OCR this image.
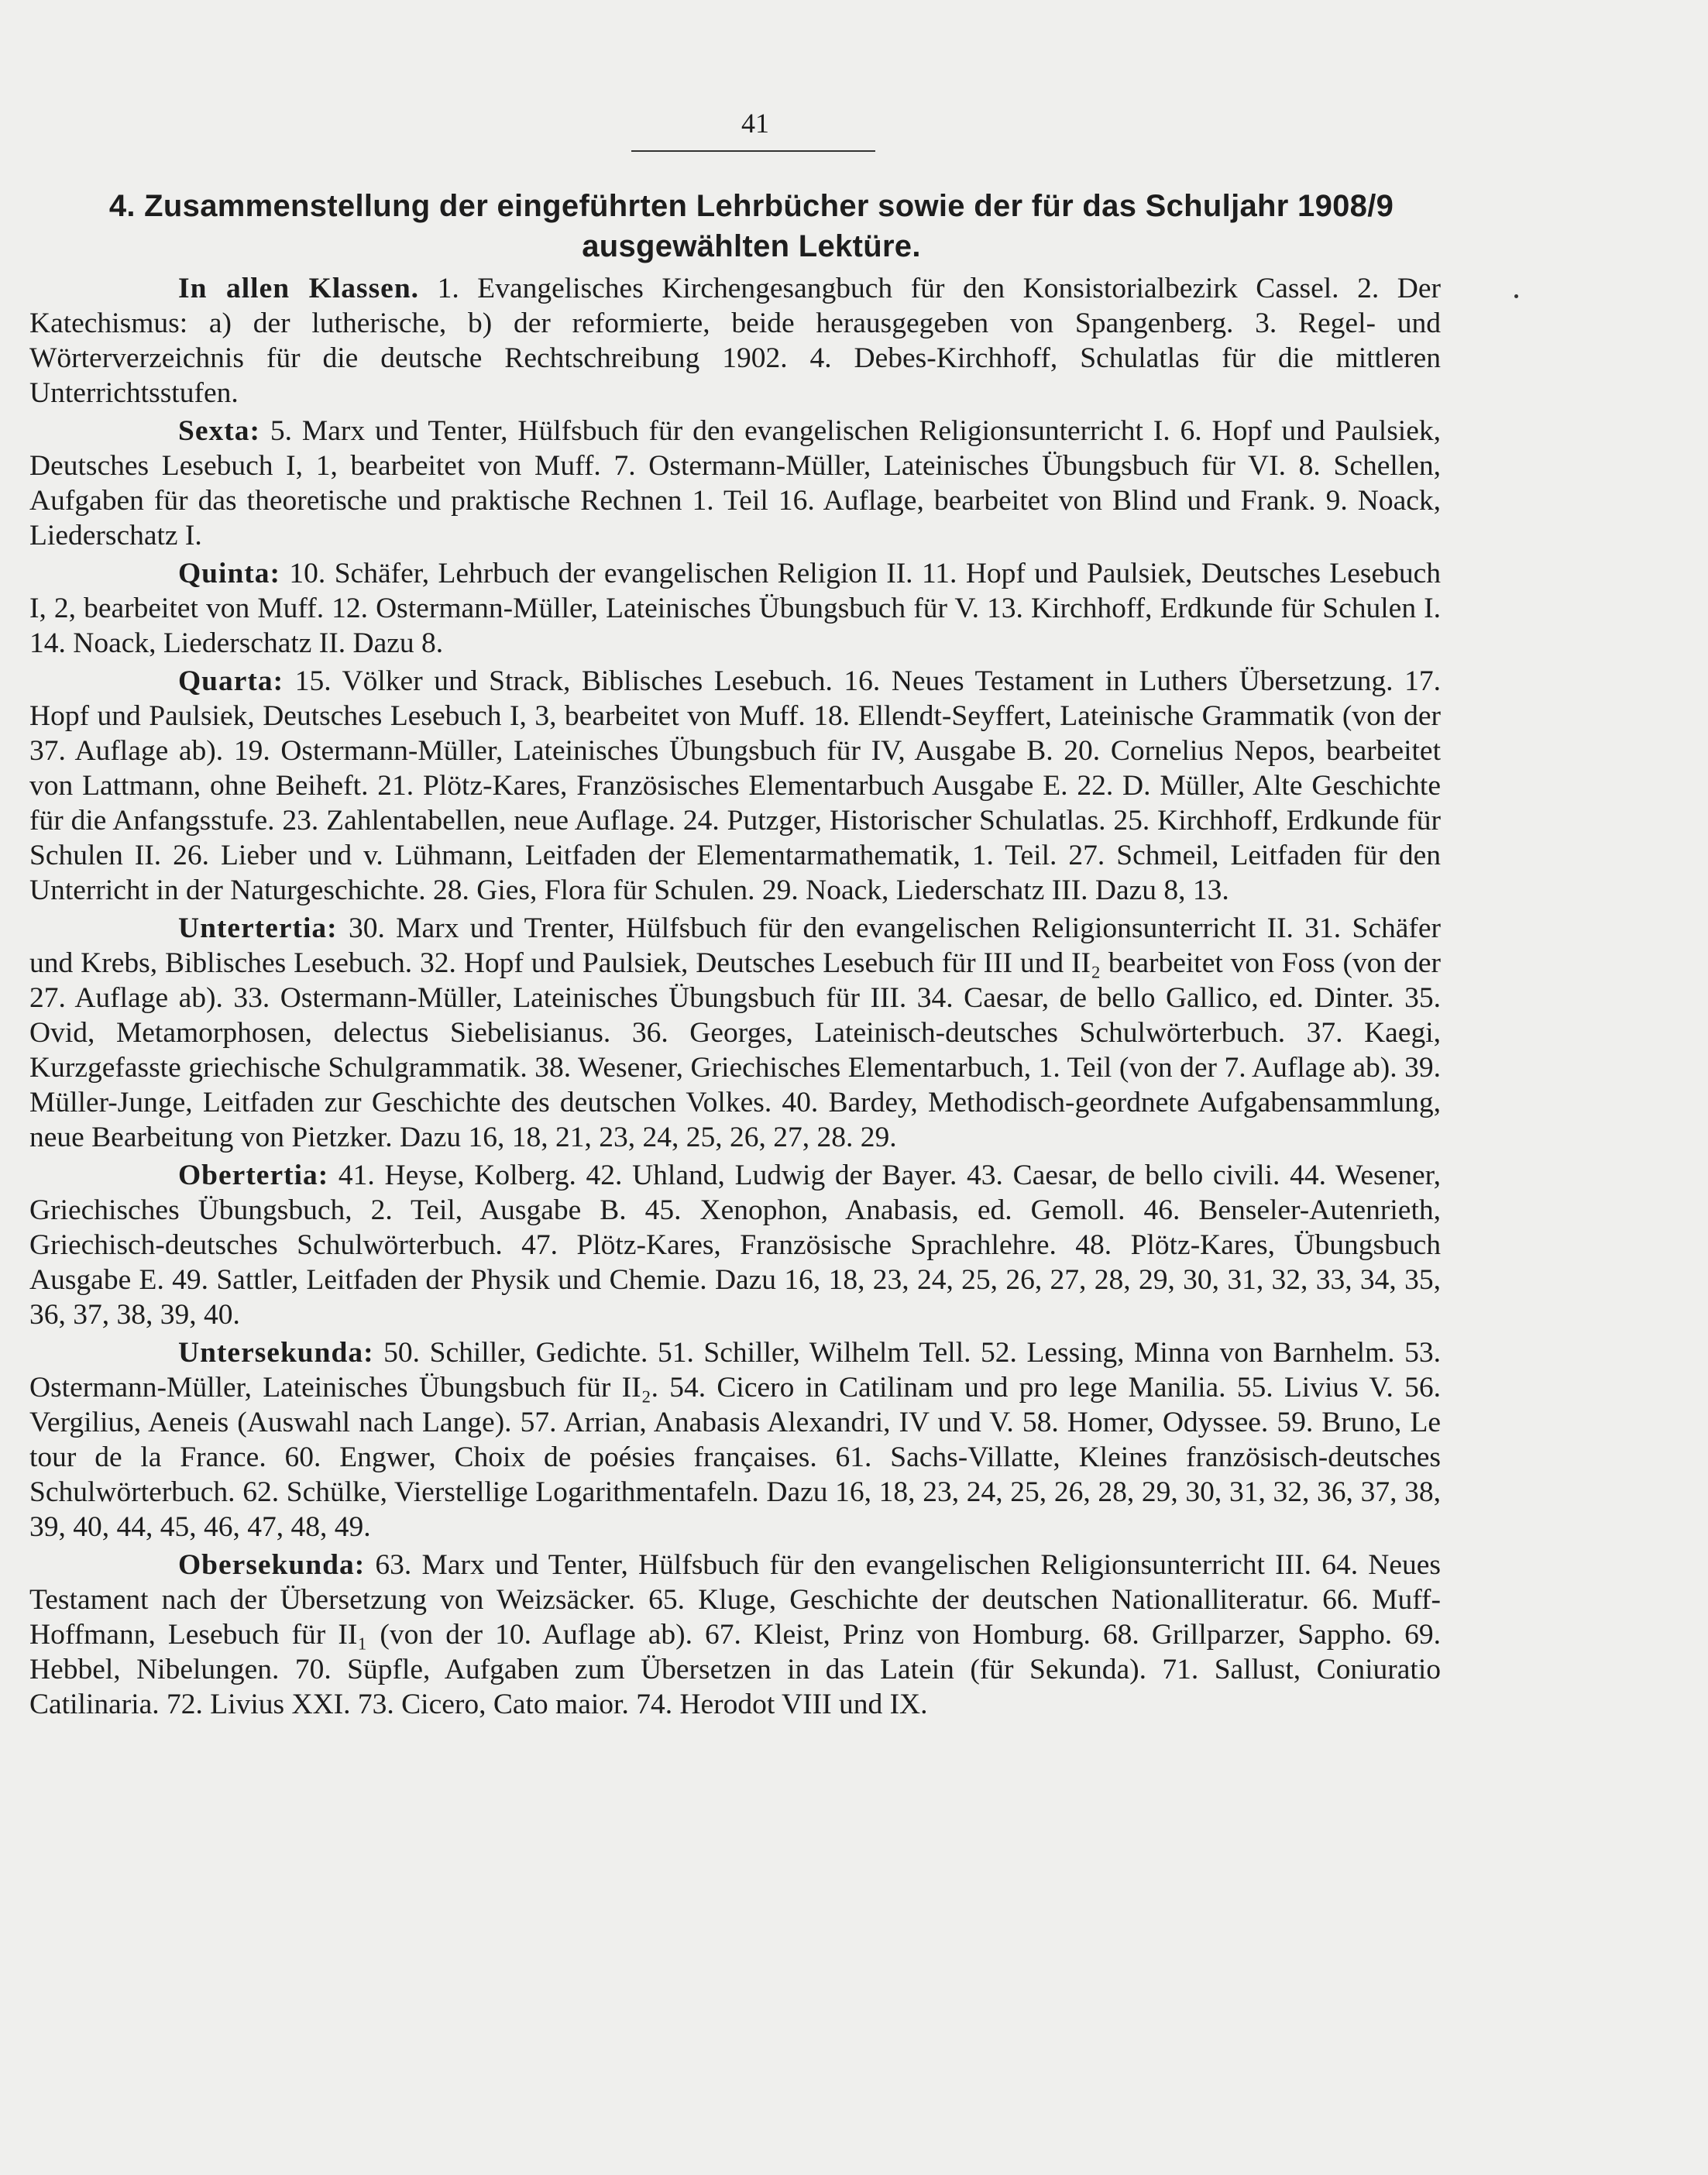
41
4. Zusammenstellung der eingeführten Lehrbücher sowie der für das Schuljahr 1908/9
ausgewählten Lektüre.

In allen Klassen. 1. Evangelisches Kirchengesangbuch für den Konsistorialbezirk Cassel. 2. Der Katechismus: a) der lutherische, b) der reformierte, beide herausgegeben von Spangenberg. 3. Regel- und Wörterverzeichnis für die deutsche Rechtschreibung 1902. 4. Debes-Kirchhoff, Schulatlas für die mittleren Unterrichtsstufen.

Sexta: 5. Marx und Tenter, Hülfsbuch für den evangelischen Religionsunterricht I. 6. Hopf und Paulsiek, Deutsches Lesebuch I, 1, bearbeitet von Muff. 7. Ostermann-Müller, Lateinisches Übungsbuch für VI. 8. Schellen, Aufgaben für das theoretische und praktische Rechnen 1. Teil 16. Auflage, bearbeitet von Blind und Frank. 9. Noack, Liederschatz I.

Quinta: 10. Schäfer, Lehrbuch der evangelischen Religion II. 11. Hopf und Paulsiek, Deutsches Lesebuch I, 2, bearbeitet von Muff. 12. Ostermann-Müller, Lateinisches Übungsbuch für V. 13. Kirchhoff, Erdkunde für Schulen I. 14. Noack, Liederschatz II. Dazu 8.

Quarta: 15. Völker und Strack, Biblisches Lesebuch. 16. Neues Testament in Luthers Übersetzung. 17. Hopf und Paulsiek, Deutsches Lesebuch I, 3, bearbeitet von Muff. 18. Ellendt-Seyffert, Lateinische Grammatik (von der 37. Auflage ab). 19. Ostermann-Müller, Lateinisches Übungsbuch für IV, Ausgabe B. 20. Cornelius Nepos, bearbeitet von Lattmann, ohne Beiheft. 21. Plötz-Kares, Französisches Elementarbuch Ausgabe E. 22. D. Müller, Alte Geschichte für die Anfangsstufe. 23. Zahlentabellen, neue Auflage. 24. Putzger, Historischer Schulatlas. 25. Kirchhoff, Erdkunde für Schulen II. 26. Lieber und v. Lühmann, Leitfaden der Elementarmathematik, 1. Teil. 27. Schmeil, Leitfaden für den Unterricht in der Naturgeschichte. 28. Gies, Flora für Schulen. 29. Noack, Liederschatz III. Dazu 8, 13.

Untertertia: 30. Marx und Trenter, Hülfsbuch für den evangelischen Religionsunterricht II. 31. Schäfer und Krebs, Biblisches Lesebuch. 32. Hopf und Paulsiek, Deutsches Lesebuch für III und II₂ bearbeitet von Foss (von der 27. Auflage ab). 33. Ostermann-Müller, Lateinisches Übungsbuch für III. 34. Caesar, de bello Gallico, ed. Dinter. 35. Ovid, Metamorphosen, delectus Siebelisianus. 36. Georges, Lateinisch-deutsches Schulwörterbuch. 37. Kaegi, Kurzgefasste griechische Schulgrammatik. 38. Wesener, Griechisches Elementarbuch, 1. Teil (von der 7. Auflage ab). 39. Müller-Junge, Leitfaden zur Geschichte des deutschen Volkes. 40. Bardey, Methodisch-geordnete Aufgabensammlung, neue Bearbeitung von Pietzker. Dazu 16, 18, 21, 23, 24, 25, 26, 27, 28. 29.

Obertertia: 41. Heyse, Kolberg. 42. Uhland, Ludwig der Bayer. 43. Caesar, de bello civili. 44. Wesener, Griechisches Übungsbuch, 2. Teil, Ausgabe B. 45. Xenophon, Anabasis, ed. Gemoll. 46. Benseler-Autenrieth, Griechisch-deutsches Schulwörterbuch. 47. Plötz-Kares, Französische Sprachlehre. 48. Plötz-Kares, Übungsbuch Ausgabe E. 49. Sattler, Leitfaden der Physik und Chemie. Dazu 16, 18, 23, 24, 25, 26, 27, 28, 29, 30, 31, 32, 33, 34, 35, 36, 37, 38, 39, 40.

Untersekunda: 50. Schiller, Gedichte. 51. Schiller, Wilhelm Tell. 52. Lessing, Minna von Barnhelm. 53. Ostermann-Müller, Lateinisches Übungsbuch für II₂. 54. Cicero in Catilinam und pro lege Manilia. 55. Livius V. 56. Vergilius, Aeneis (Auswahl nach Lange). 57. Arrian, Anabasis Alexandri, IV und V. 58. Homer, Odyssee. 59. Bruno, Le tour de la France. 60. Engwer, Choix de poésies françaises. 61. Sachs-Villatte, Kleines französisch-deutsches Schulwörterbuch. 62. Schülke, Vierstellige Logarithmentafeln. Dazu 16, 18, 23, 24, 25, 26, 28, 29, 30, 31, 32, 36, 37, 38, 39, 40, 44, 45, 46, 47, 48, 49.

Obersekunda: 63. Marx und Tenter, Hülfsbuch für den evangelischen Religionsunterricht III. 64. Neues Testament nach der Übersetzung von Weizsäcker. 65. Kluge, Geschichte der deutschen Nationalliteratur. 66. Muff-Hoffmann, Lesebuch für II₁ (von der 10. Auflage ab). 67. Kleist, Prinz von Homburg. 68. Grillparzer, Sappho. 69. Hebbel, Nibelungen. 70. Süpfle, Aufgaben zum Übersetzen in das Latein (für Sekunda). 71. Sallust, Coniuratio Catilinaria. 72. Livius XXI. 73. Cicero, Cato maior. 74. Herodot VIII und IX.
